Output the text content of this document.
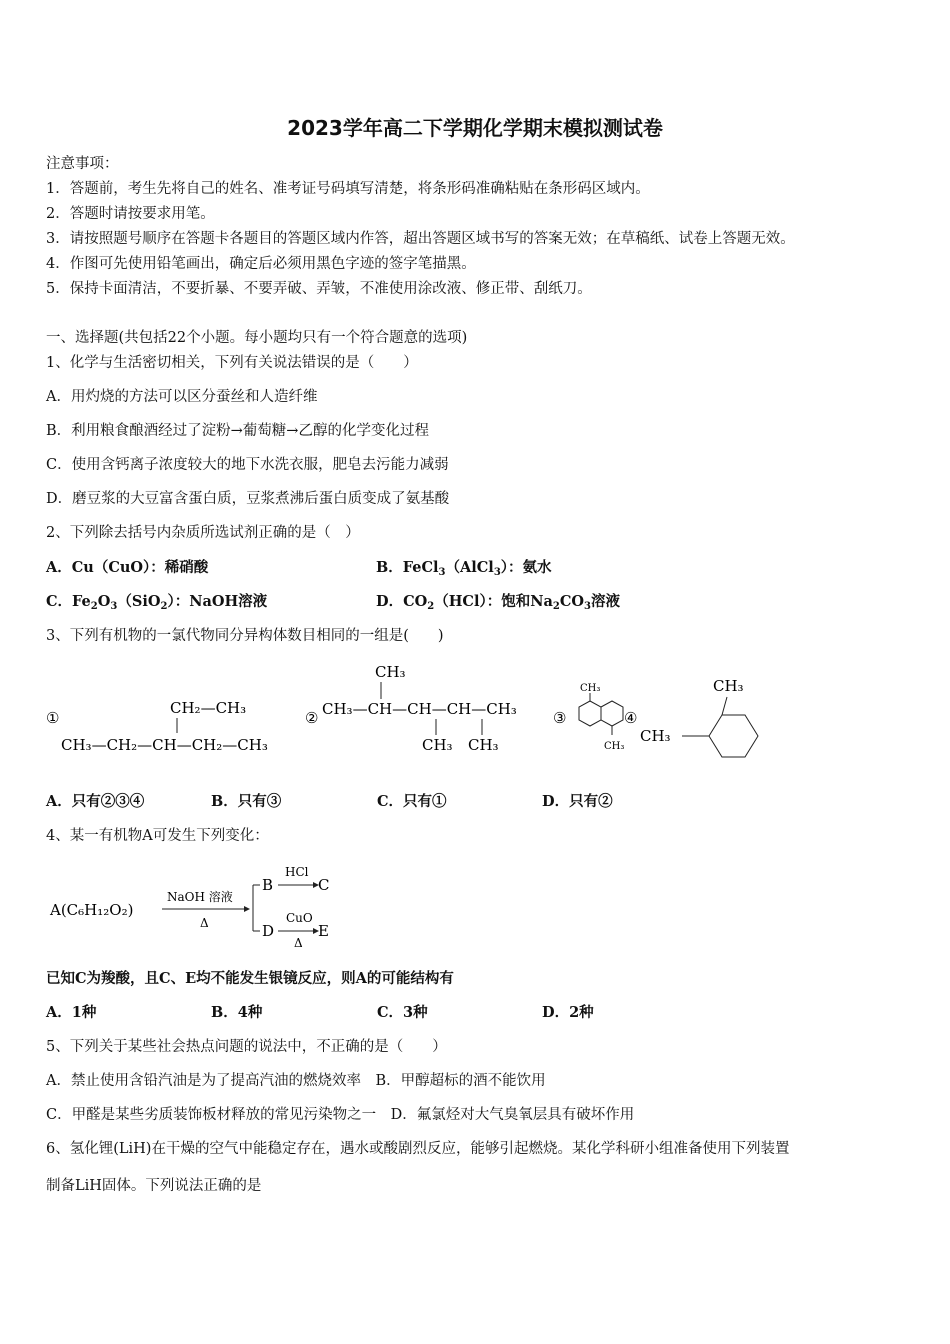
2023学年高二下学期化学期末模拟测试卷
注意事项：
1．答题前，考生先将自己的姓名、准考证号码填写清楚，将条形码准确粘贴在条形码区域内。
2．答题时请按要求用笔。
3．请按照题号顺序在答题卡各题目的答题区域内作答，超出答题区域书写的答案无效；在草稿纸、试卷上答题无效。
4．作图可先使用铅笔画出，确定后必须用黑色字迹的签字笔描黑。
5．保持卡面清洁，不要折暴、不要弄破、弄皱，不准使用涂改液、修正带、刮纸刀。
一、选择题(共包括22个小题。每小题均只有一个符合题意的选项)
1、化学与生活密切相关，下列有关说法错误的是（　　）
A．用灼烧的方法可以区分蚕丝和人造纤维
B．利用粮食酿酒经过了淀粉→葡萄糖→乙醇的化学变化过程
C．使用含钙离子浓度较大的地下水洗衣服，肥皂去污能力减弱
D．磨豆浆的大豆富含蛋白质，豆浆煮沸后蛋白质变成了氨基酸
2、下列除去括号内杂质所选试剂正确的是（　）
A．Cu（CuO）：稀硝酸	B．FeCl$_3$（AlCl$_3$）：氨水
C．$Fe_2O_3(SiO_2)$：NaOH溶液	D．$CO_2(HCl)$：饱和$Na_2CO_3$溶液
3、下列有机物的一氯代物同分异构体数目相同的一组是(　　)
①
CH₂—CH₃
CH₃—CH₂—CH—CH₂—CH₃
②
CH₃
CH₃—CH—CH—CH—CH₃
CH₃ CH₃
③
CH₃
CH₃
④
CH₃
CH₃
A．只有②③④	B．只有③	C．只有①	D．只有②
4、某一有机物A可发生下列变化：
A(C₆H₁₂O₂)
NaOH 溶液
Δ
B
HCl
C
D
CuO
Δ
E
已知C为羧酸，且C、E均不能发生银镜反应，则A的可能结构有
A．1种	B．4种	C．3种	D．2种
5、下列关于某些社会热点问题的说法中，不正确的是（　　）
A．禁止使用含铅汽油是为了提高汽油的燃烧效率　B．甲醇超标的酒不能饮用
C．甲醛是某些劣质装饰板材释放的常见污染物之一　D．氟氯烃对大气臭氧层具有破坏作用
6、氢化锂(LiH)在干燥的空气中能稳定存在，遇水或酸剧烈反应，能够引起燃烧。某化学科研小组准备使用下列装置
制备LiH固体。下列说法正确的是
